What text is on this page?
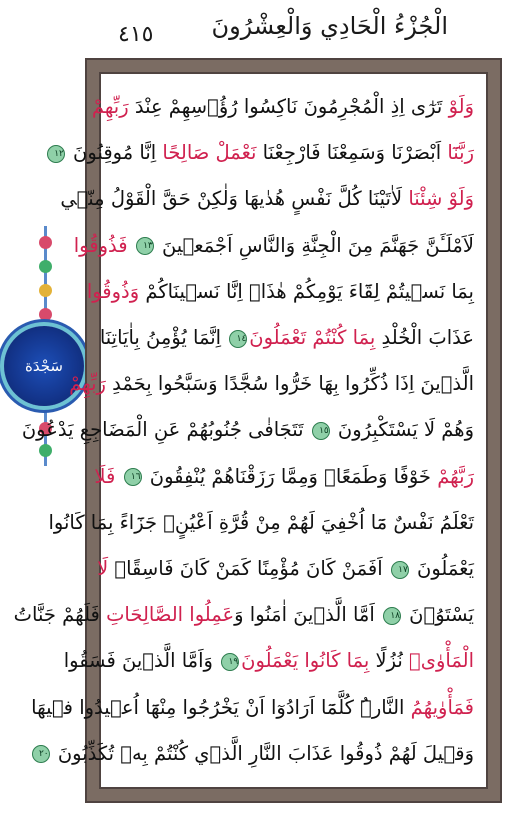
٤١٥ الْجُزْءُ الْحَادِي وَالْعِشْرُونَ
سَجْدَة
وَلَوْ تَرٰٓى اِذِ الْمُجْرِمُونَ نَاكِسُوا رُؤُ۫سِهِمْ عِنْدَ رَبِّهِمْ
رَبَّنَٓا اَبْصَرْنَا وَسَمِعْنَا فَارْجِعْنَا نَعْمَلْ صَالِحًا اِنَّا مُوقِنُونَ ١٢
وَلَوْ شِئْنَا لَاٰتَيْنَا كُلَّ نَفْسٍ هُدٰيهَا وَلٰكِنْ حَقَّ الْقَوْلُ مِنّ۪ي
لَاَمْلَـَٔنَّ جَهَنَّمَ مِنَ الْجِنَّةِ وَالنَّاسِ اَجْمَع۪ينَ ١٣ فَذُوقُوا
بِمَا نَس۪يتُمْ لِقَٓاءَ يَوْمِكُمْ هٰذَاۚ اِنَّا نَس۪ينَاكُمْ وَذُوقُوا
عَذَابَ الْخُلْدِ بِمَا كُنْتُمْ تَعْمَلُونَ١٤ اِنَّمَا يُؤْمِنُ بِاٰيَاتِنَا
الَّذ۪ينَ اِذَا ذُكِّرُوا بِهَا خَرُّوا سُجَّدًا وَسَبَّحُوا بِحَمْدِ رَبِّهِمْ
وَهُمْ لَا يَسْتَكْبِرُونَ ١٥ تَتَجَافٰى جُنُوبُهُمْ عَنِ الْمَضَاجِعِ يَدْعُونَ
رَبَّهُمْ خَوْفًا وَطَمَعًاۘ وَمِمَّا رَزَقْنَاهُمْ يُنْفِقُونَ ١٦ فَلَا
تَعْلَمُ نَفْسٌ مَٓا اُخْفِيَ لَهُمْ مِنْ قُرَّةِ اَعْيُنٍۚ جَزَٓاءً بِمَا كَانُوا
يَعْمَلُونَ ١٧ اَفَمَنْ كَانَ مُؤْمِنًا كَمَنْ كَانَ فَاسِقًاۜ لَا
يَسْتَوُ۫نَ ١٨ اَمَّا الَّذ۪ينَ اٰمَنُوا وَعَمِلُوا الصَّالِحَاتِ فَلَهُمْ جَنَّاتُ
الْمَأْوٰىۘ نُزُلًا بِمَا كَانُوا يَعْمَلُونَ١٩ وَاَمَّا الَّذ۪ينَ فَسَقُوا
فَمَأْوٰيهُمُ النَّارُۜ كُلَّمَٓا اَرَادُوٓا اَنْ يَخْرُجُوا مِنْهَٓا اُع۪يدُوا ف۪يهَا
وَق۪يلَ لَهُمْ ذُوقُوا عَذَابَ النَّارِ الَّذ۪ي كُنْتُمْ بِه۪ تُكَذِّبُونَ ٢٠
